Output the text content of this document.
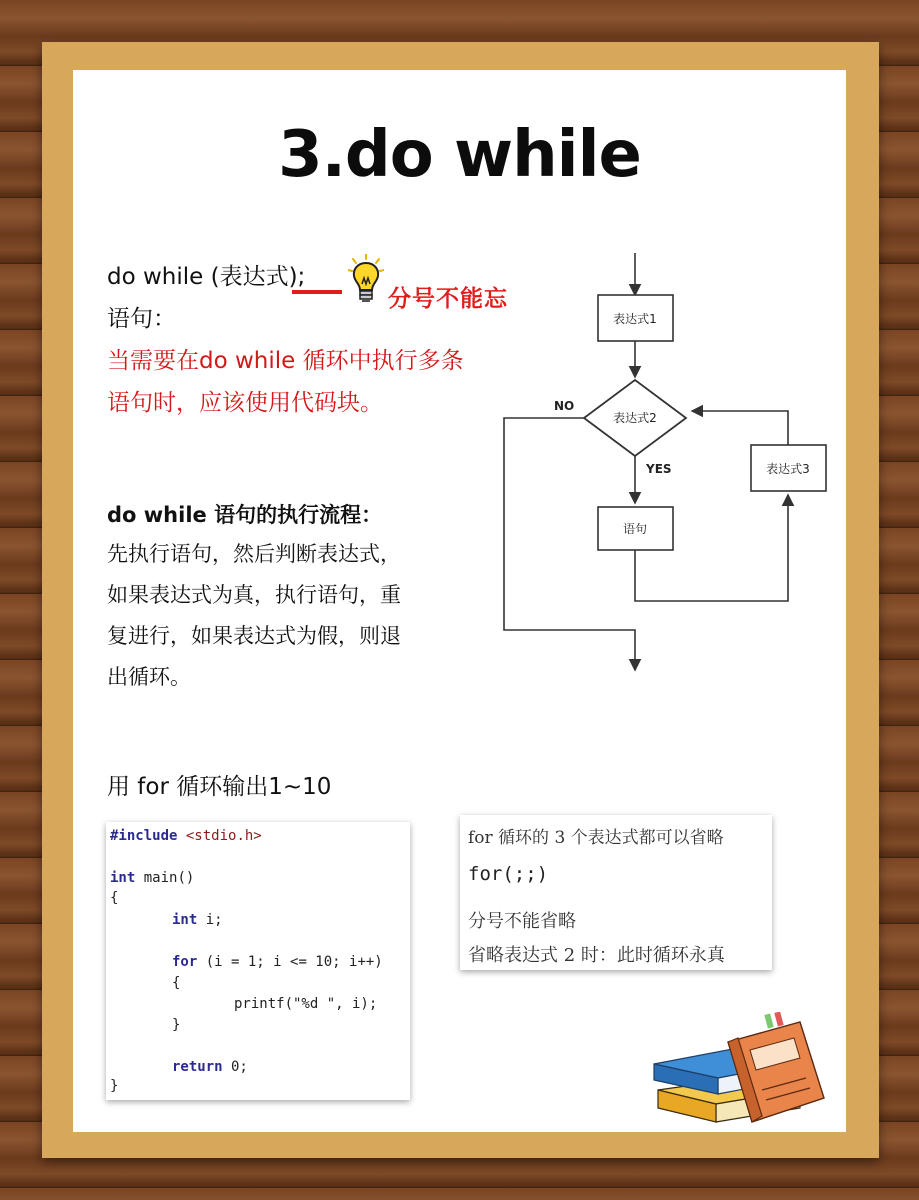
3.do while
do while (表达式);
语句：
分号不能忘
当需要在do while 循环中执行多条
语句时，应该使用代码块。
do while 语句的执行流程：
先执行语句，然后判断表达式，
如果表达式为真，执行语句，重
复进行，如果表达式为假，则退
出循环。
表达式1
表达式2
语句
表达式3
NO
YES
用 for 循环输出1~10
#include <stdio.h>
int main()
{
int i;
for (i = 1; i <= 10; i++)
{
printf("%d ", i);
}
return 0;
}
for 循环的 3 个表达式都可以省略
for(;;)
分号不能省略
省略表达式 2 时：此时循环永真
